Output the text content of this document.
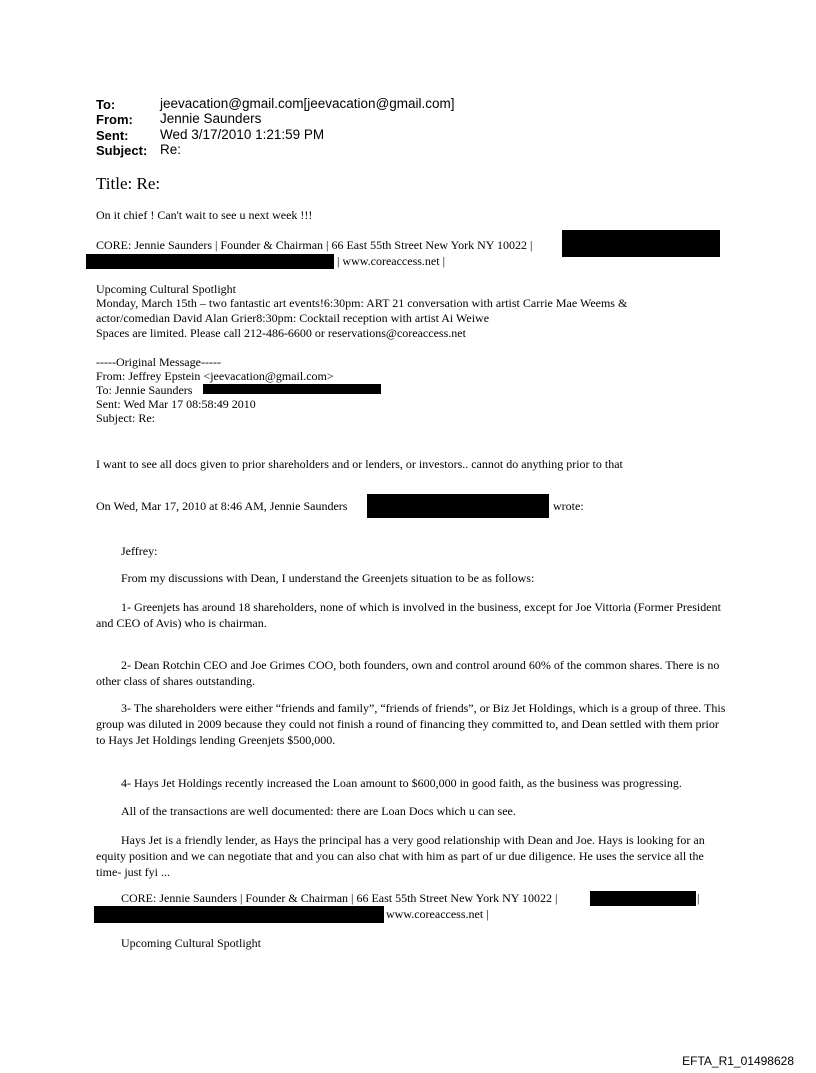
To:	jeevacation@gmail.com[jeevacation@gmail.com]
From: Jennie Saunders
Sent: Wed 3/17/2010 1:21:59 PM
Subject: Re:
Title: Re:
On it chief ! Can't wait to see u next week !!!
CORE: Jennie Saunders | Founder & Chairman | 66 East 55th Street New York NY 10022 |
| www.coreaccess.net |
Upcoming Cultural Spotlight
Monday, March 15th – two fantastic art events!6:30pm: ART 21 conversation with artist Carrie Mae Weems &
actor/comedian David Alan Grier8:30pm: Cocktail reception with artist Ai Weiwe
Spaces are limited. Please call 212-486-6600 or reservations@coreaccess.net
-----Original Message-----
From: Jeffrey Epstein <jeevacation@gmail.com>
To: Jennie Saunders
Sent: Wed Mar 17 08:58:49 2010
Subject: Re:
I want to see all docs given to prior shareholders and or lenders, or investors.. cannot do anything prior to that
On Wed, Mar 17, 2010 at 8:46 AM, Jennie Saunders	wrote:
Jeffrey:
From my discussions with Dean, I understand the Greenjets situation to be as follows:
1- Greenjets has around 18 shareholders, none of which is involved in the business, except for Joe Vittoria (Former President and CEO of Avis) who is chairman.
2- Dean Rotchin CEO and Joe Grimes COO, both founders, own and control around 60% of the common shares. There is no other class of shares outstanding.
3- The shareholders were either “friends and family”, “friends of friends”, or Biz Jet Holdings, which is a group of three. This group was diluted in 2009 because they could not finish a round of financing they committed to, and Dean settled with them prior to Hays Jet Holdings lending Greenjets $500,000.
4- Hays Jet Holdings recently increased the Loan amount to $600,000 in good faith, as the business was progressing.
All of the transactions are well documented: there are Loan Docs which u can see.
Hays Jet is a friendly lender, as Hays the principal has a very good relationship with Dean and Joe. Hays is looking for an equity position and we can negotiate that and you can also chat with him as part of ur due diligence. He uses the service all the time- just fyi ...
CORE: Jennie Saunders | Founder & Chairman | 66 East 55th Street New York NY 10022 |	|
www.coreaccess.net |
Upcoming Cultural Spotlight
EFTA_R1_01498628
